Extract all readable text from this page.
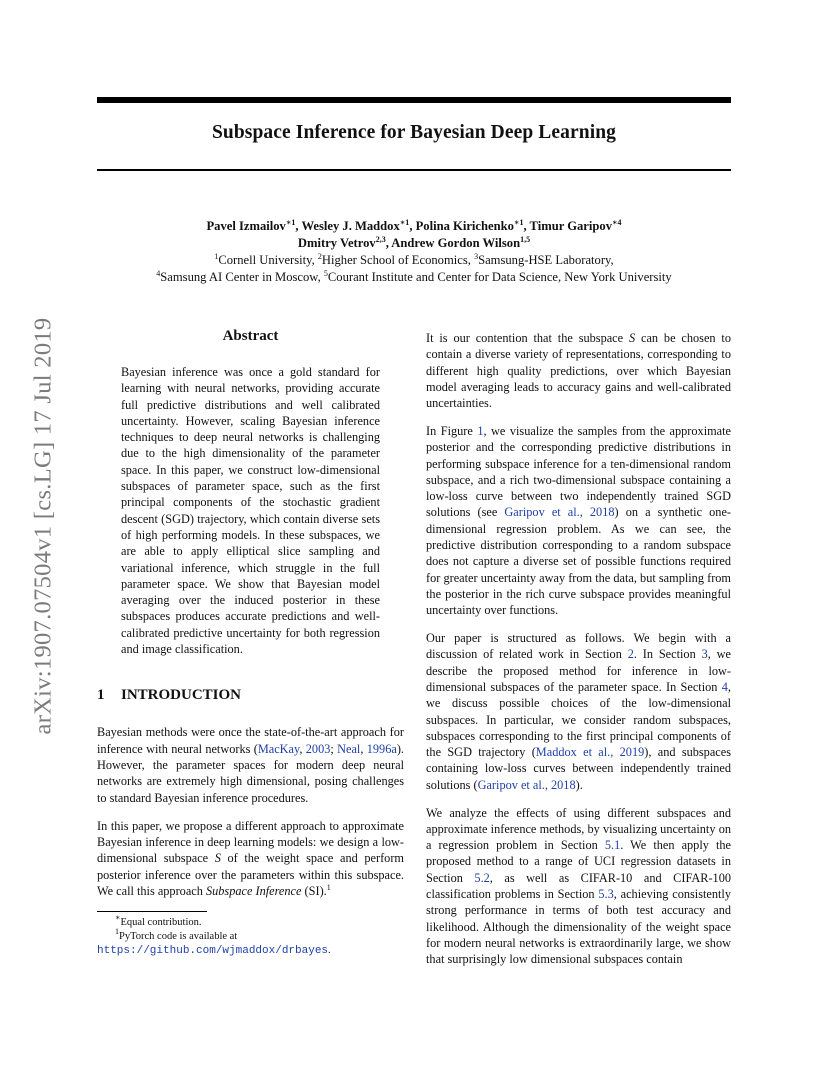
Subspace Inference for Bayesian Deep Learning
Pavel Izmailov$^{∗1}$, Wesley J. Maddox$^{∗1}$, Polina Kirichenko$^{∗1}$, Timur Garipov$^{∗4}$
Dmitry Vetrov$^{2,3}$, Andrew Gordon Wilson$^{1,5}$
$^1$Cornell University, $^2$Higher School of Economics, $^3$Samsung-HSE Laboratory,
$^4$Samsung AI Center in Moscow, $^5$Courant Institute and Center for Data Science, New York University
arXiv:1907.07504v1 [cs.LG] 17 Jul 2019	Abstract
Bayesian inference was once a gold standard for learning with neural networks, providing accurate full predictive distributions and well calibrated uncertainty. However, scaling Bayesian inference techniques to deep neural networks is challenging due to the high dimensionality of the parameter space. In this paper, we construct low-dimensional subspaces of parameter space, such as the first principal components of the stochastic gradient descent (SGD) trajectory, which contain diverse sets of high performing models. In these subspaces, we are able to apply elliptical slice sampling and variational inference, which struggle in the full parameter space. We show that Bayesian model averaging over the induced posterior in these subspaces produces accurate predictions and well-calibrated predictive uncertainty for both regression and image classification.
1 INTRODUCTION

Bayesian methods were once the state-of-the-art approach for inference with neural networks (MacKay, 2003; Neal, 1996a). However, the parameter spaces for modern deep neural networks are extremely high dimensional, posing challenges to standard Bayesian inference procedures.

In this paper, we propose a different approach to approximate Bayesian inference in deep learning models: we design a low-dimensional subspace S of the weight space and perform posterior inference over the parameters within this subspace. We call this approach Subspace Inference (SI).$^1$

∗Equal contribution.

$^1$PyTorch code is available at https://github.com/wjmaddox/drbayes.

It is our contention that the subspace S can be chosen to contain a diverse variety of representations, corresponding to different high quality predictions, over which Bayesian model averaging leads to accuracy gains and well-calibrated uncertainties.

In Figure 1, we visualize the samples from the approximate posterior and the corresponding predictive distributions in performing subspace inference for a ten-dimensional random subspace, and a rich two-dimensional subspace containing a low-loss curve between two independently trained SGD solutions (see Garipov et al., 2018) on a synthetic one-dimensional regression problem. As we can see, the predictive distribution corresponding to a random subspace does not capture a diverse set of possible functions required for greater uncertainty away from the data, but sampling from the posterior in the rich curve subspace provides meaningful uncertainty over functions.

Our paper is structured as follows. We begin with a discussion of related work in Section 2. In Section 3, we describe the proposed method for inference in low-dimensional subspaces of the parameter space. In Section 4, we discuss possible choices of the low-dimensional subspaces. In particular, we consider random subspaces, subspaces corresponding to the first principal components of the SGD trajectory (Maddox et al., 2019), and subspaces containing low-loss curves between independently trained solutions (Garipov et al., 2018).

We analyze the effects of using different subspaces and approximate inference methods, by visualizing uncertainty on a regression problem in Section 5.1. We then apply the proposed method to a range of UCI regression datasets in Section 5.2, as well as CIFAR-10 and CIFAR-100 classification problems in Section 5.3, achieving consistently strong performance in terms of both test accuracy and likelihood. Although the dimensionality of the weight space for modern neural networks is extraordinarily large, we show that surprisingly low dimensional subspaces contain
